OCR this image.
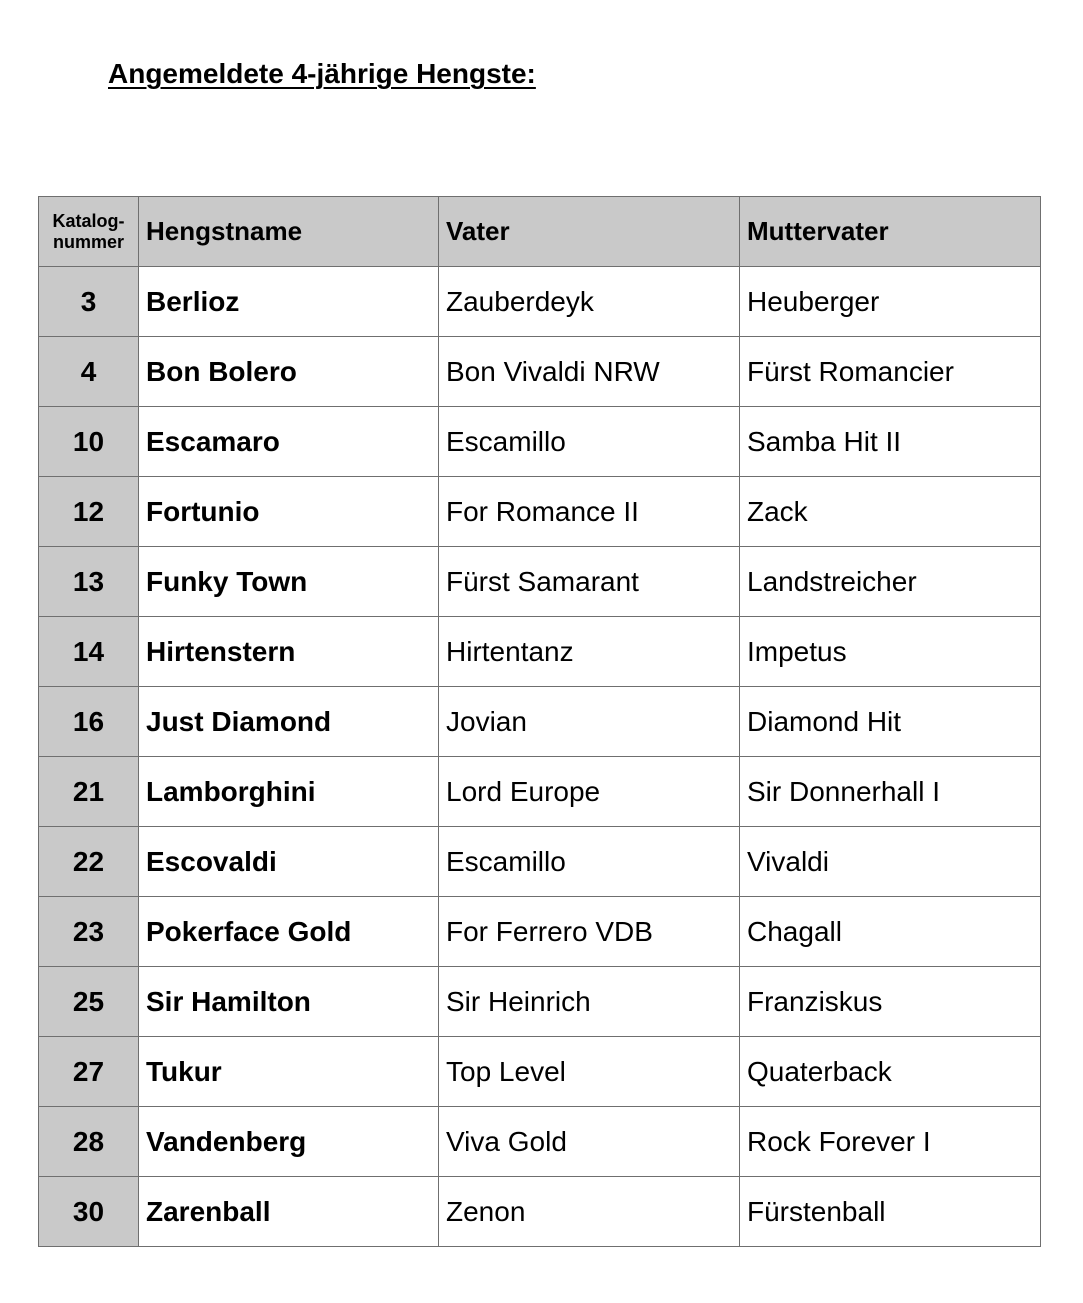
Angemeldete 4-jährige Hengste:
Katalog-
nummer	Hengstname	Vater	Muttervater
3	Berlioz	Zauberdeyk	Heuberger
4	Bon Bolero	Bon Vivaldi NRW	Fürst Romancier
10	Escamaro	Escamillo	Samba Hit II
12	Fortunio	For Romance II	Zack
13	Funky Town	Fürst Samarant	Landstreicher
14	Hirtenstern	Hirtentanz	Impetus
16	Just Diamond	Jovian	Diamond Hit
21	Lamborghini	Lord Europe	Sir Donnerhall I
22	Escovaldi	Escamillo	Vivaldi
23	Pokerface Gold	For Ferrero VDB	Chagall
25	Sir Hamilton	Sir Heinrich	Franziskus
27	Tukur	Top Level	Quaterback
28	Vandenberg	Viva Gold	Rock Forever I
30	Zarenball	Zenon	Fürstenball
